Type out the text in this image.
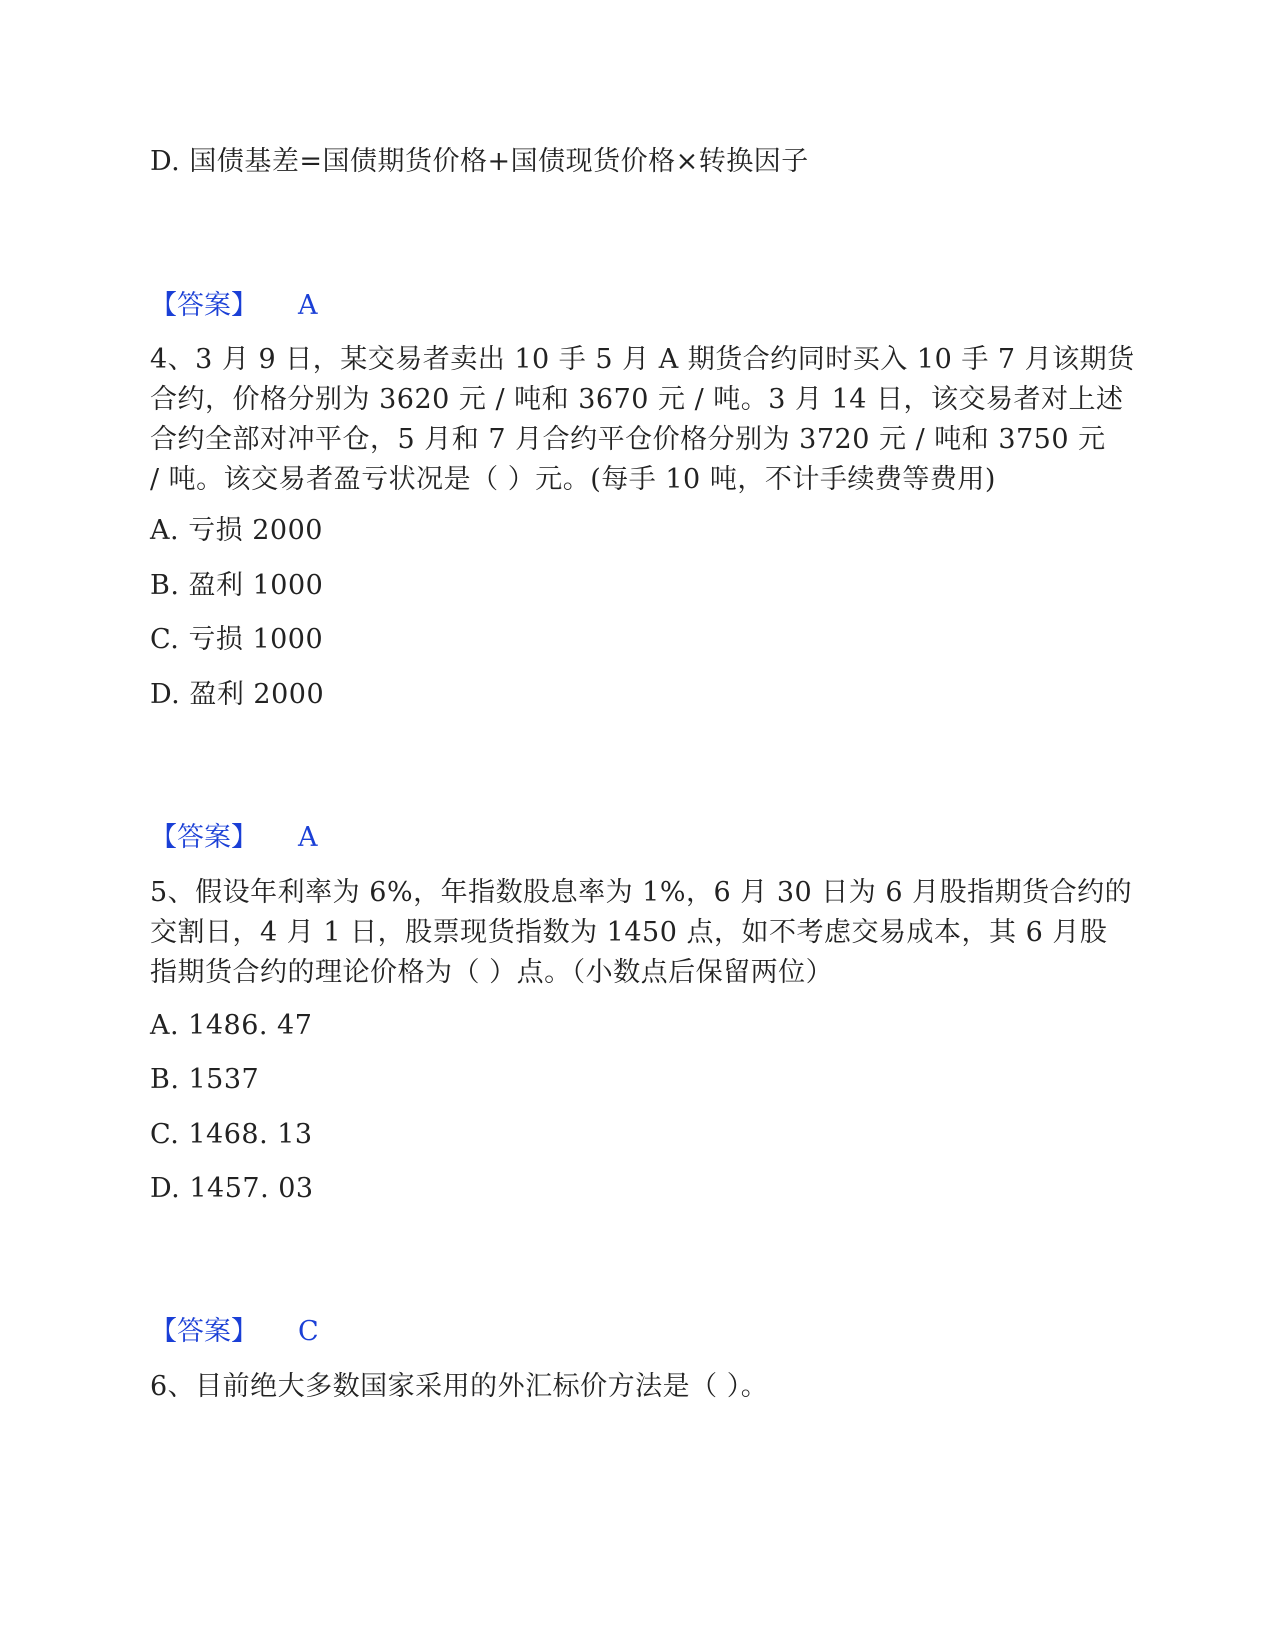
D. 国债基差=国债期货价格+国债现货价格×转换因子
【答案】 A
4、3 月 9 日，某交易者卖出 10 手 5 月 A 期货合约同时买入 10 手 7 月该期货
合约，价格分别为 3620 元 / 吨和 3670 元 / 吨。3 月 14 日，该交易者对上述
合约全部对冲平仓，5 月和 7 月合约平仓价格分别为 3720 元 / 吨和 3750 元
/ 吨。该交易者盈亏状况是（ ）元。(每手 10 吨，不计手续费等费用)
A. 亏损 2000
B. 盈利 1000
C. 亏损 1000
D. 盈利 2000
【答案】 A
5、假设年利率为 6%，年指数股息率为 1%，6 月 30 日为 6 月股指期货合约的
交割日，4 月 1 日，股票现货指数为 1450 点，如不考虑交易成本，其 6 月股
指期货合约的理论价格为（ ）点。（小数点后保留两位）
A. 1486. 47
B. 1537
C. 1468. 13
D. 1457. 03
【答案】 C
6、目前绝大多数国家采用的外汇标价方法是（ ）。
